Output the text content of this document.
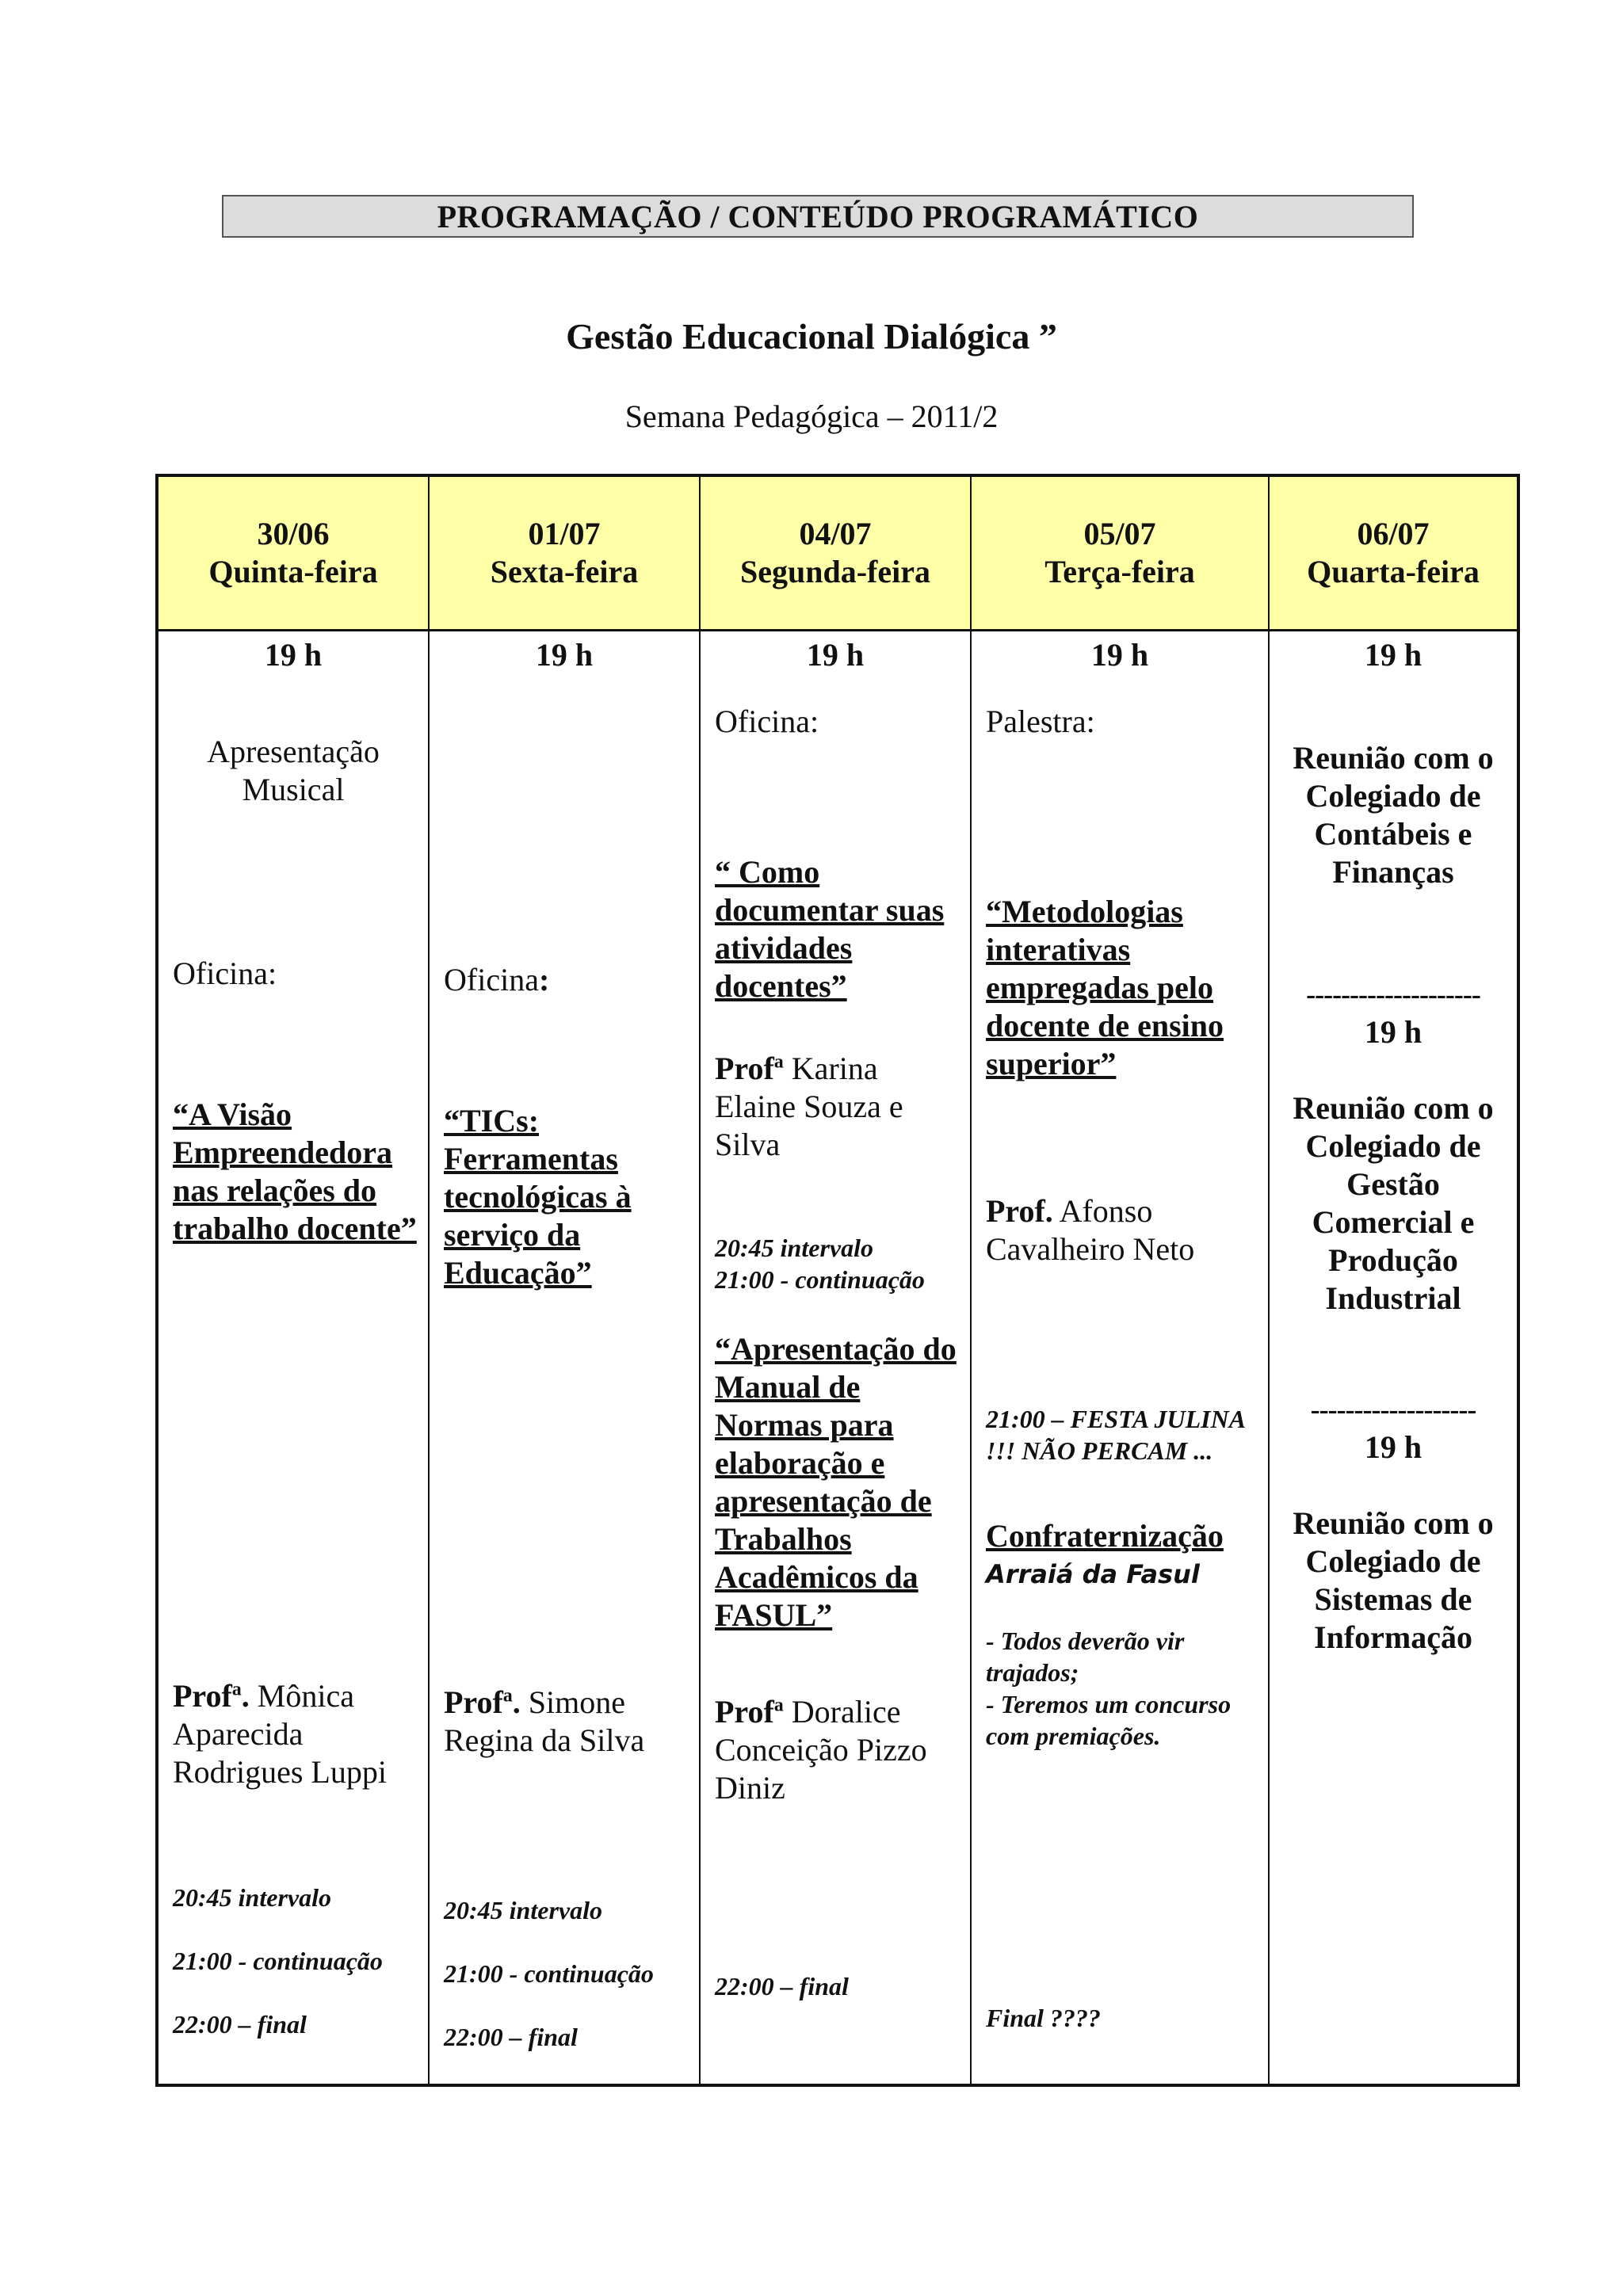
PROGRAMAÇÃO / CONTEÚDO PROGRAMÁTICO
Gestão Educacional Dialógica ”
Semana Pedagógica – 2011/2
30/06
Quinta-feira
01/07
Sexta-feira
04/07
Segunda-feira
05/07
Terça-feira
06/07
Quarta-feira
19 h
Apresentação Musical
Oficina:
“A Visão Empreendedora nas relações do trabalho docente”
Prof$^a$. Mônica Aparecida Rodrigues Luppi
20:45 intervalo
21:00 - continuação
22:00 – final
19 h
Oficina:
“TICs: Ferramentas tecnológicas à serviço da Educação”
Prof$^a$. Simone Regina da Silva
20:45 intervalo
21:00 - continuação
22:00 – final
19 h
Oficina:
“ Como documentar suas atividades docentes”
Prof$^a$ Karina Elaine Souza e Silva
20:45 intervalo
21:00 - continuação
“Apresentação do Manual de Normas para elaboração e apresentação de Trabalhos Acadêmicos da FASUL”
Prof$^a$ Doralice Conceição Pizzo Diniz
22:00 – final
19 h
Palestra:
“Metodologias interativas empregadas pelo docente de ensino superior”
Prof. Afonso Cavalheiro Neto
21:00 – FESTA JULINA !!! NÃO PERCAM ...
Confraternização
Arraiá da Fasul
- Todos deverão vir trajados;
- Teremos um concurso com premiações.
Final ????
19 h
Reunião com o Colegiado de Contábeis e Finanças
--------------------
19 h
Reunião com o Colegiado de Gestão Comercial e Produção Industrial
-------------------
19 h
Reunião com o Colegiado de Sistemas de Informação
